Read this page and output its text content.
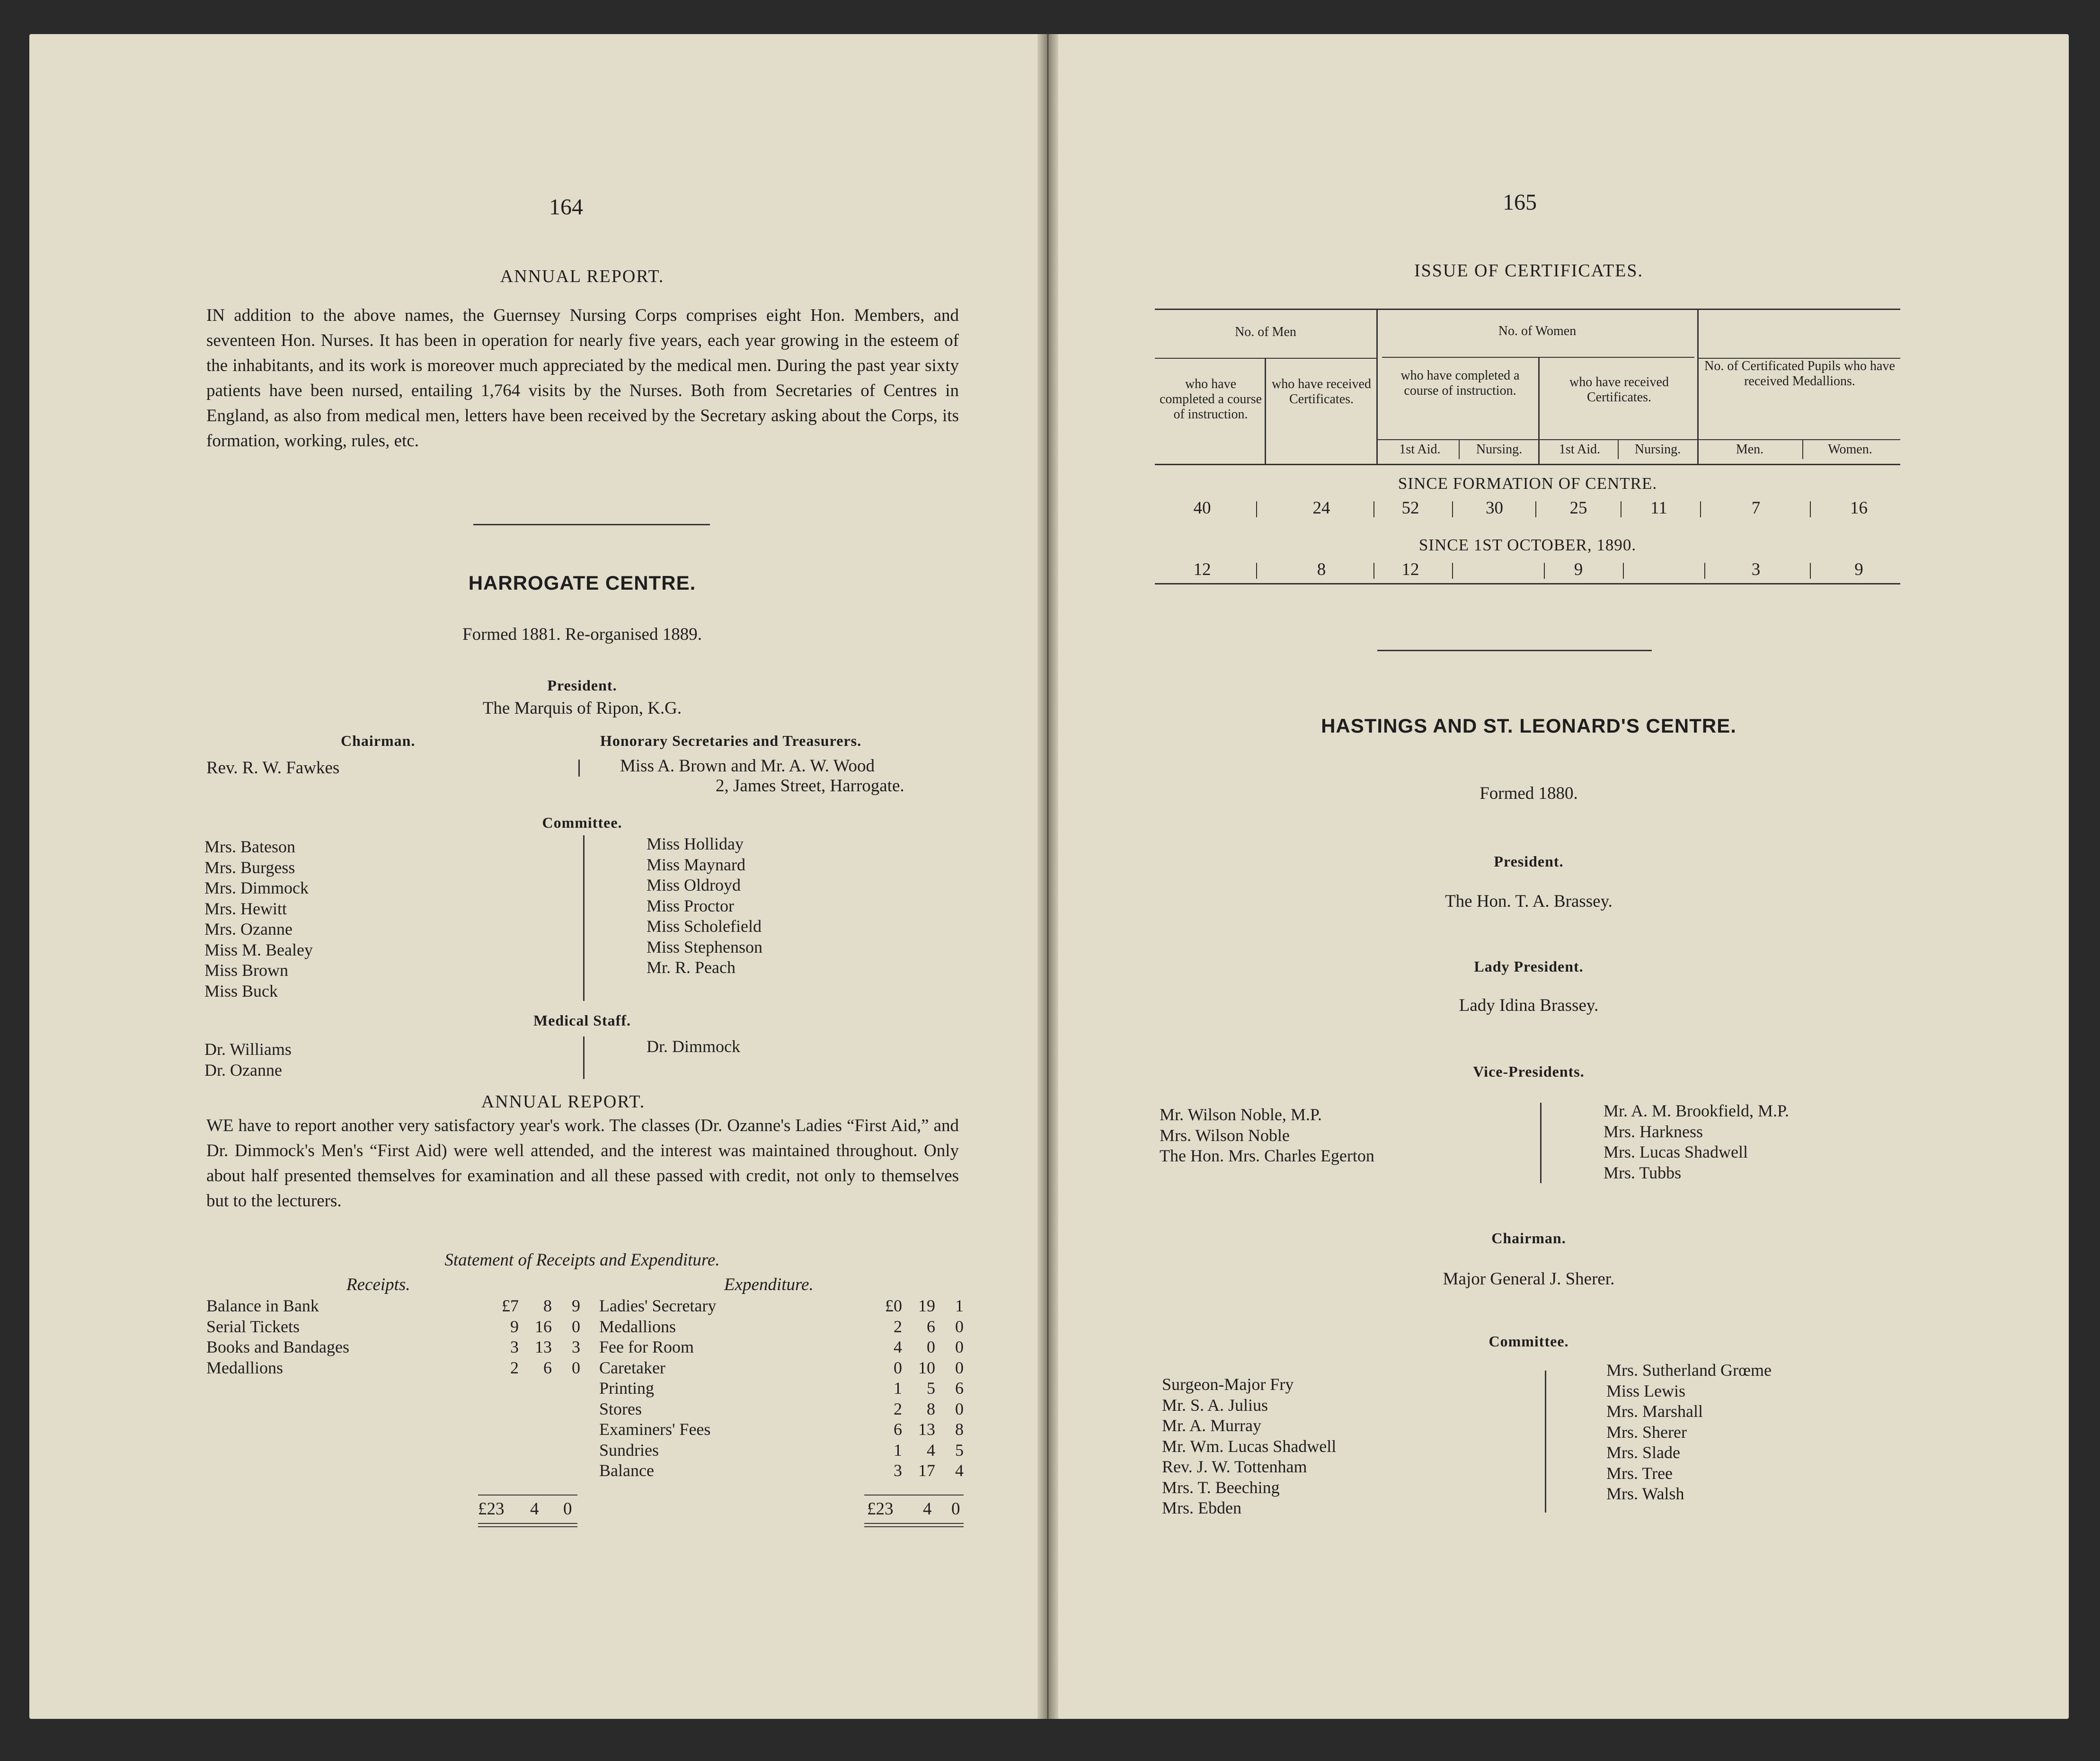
164
ANNUAL REPORT.
IN addition to the above names, the Guernsey Nursing Corps comprises eight Hon. Members, and seventeen Hon. Nurses. It has been in operation for nearly five years, each year growing in the esteem of the inhabitants, and its work is moreover much appreciated by the medical men. During the past year sixty patients have been nursed, entailing 1,764 visits by the Nurses. Both from Secretaries of Centres in England, as also from medical men, letters have been received by the Secretary asking about the Corps, its formation, working, rules, etc.
HARROGATE CENTRE.
Formed 1881. Re-organised 1889.
President.
The Marquis of Ripon, K.G.
Chairman.
Rev. R. W. Fawkes
Honorary Secretaries and Treasurers.
Miss A. Brown and Mr. A. W. Wood
2, James Street, Harrogate.
Committee.
Mrs. Bateson
Mrs. Burgess
Mrs. Dimmock
Mrs. Hewitt
Mrs. Ozanne
Miss M. Bealey
Miss Brown
Miss Buck
Miss Holliday
Miss Maynard
Miss Oldroyd
Miss Proctor
Miss Scholefield
Miss Stephenson
Mr. R. Peach
Medical Staff.
Dr. Williams
Dr. Ozanne
Dr. Dimmock
ANNUAL REPORT.
WE have to report another very satisfactory year's work. The classes (Dr. Ozanne's Ladies “First Aid,” and Dr. Dimmock's Men's “First Aid) were well attended, and the interest was maintained throughout. Only about half presented themselves for examination and all these passed with credit, not only to themselves but to the lecturers.
Statement of Receipts and Expenditure.
Receipts.	Expenditure.
Balance in Bank	£7	8	9
Serial Tickets	9	16	0
Books and Bandages	3	13	3
Medallions	2	6	0
Ladies' Secretary	£0	19	1
Medallions	2	6	0
Fee for Room	4	0	0
Caretaker	0	10	0
Printing	1	5	6
Stores	2	8	0
Examiners' Fees	6	13	8
Sundries	1	4	5
Balance	3	17	4
£23 4 0	£23 4 0
165
ISSUE OF CERTIFICATES.
No. of Men	No. of Women
who have completed a course of instruction.
who have received Certificates.
who have completed a course of instruction.
who have received Certificates.
No. of Certificated Pupils who have received Medallions.
1st Aid.	Nursing.	1st Aid.	Nursing.	Men.	Women.
SINCE FORMATION OF CENTRE.
40	|	24	|	52	|	30	|	25	|	11	|	7	|	16
SINCE 1ST OCTOBER, 1890.
12	|	8	|	12	|	|	9	|	|	3	|	9
HASTINGS AND ST. LEONARD'S CENTRE.
Formed 1880.
President.
The Hon. T. A. Brassey.
Lady President.
Lady Idina Brassey.
Vice-Presidents.
Mr. Wilson Noble, M.P.
Mrs. Wilson Noble
The Hon. Mrs. Charles Egerton
Mr. A. M. Brookfield, M.P.
Mrs. Harkness
Mrs. Lucas Shadwell
Mrs. Tubbs
Chairman.
Major General J. Sherer.
Committee.
Surgeon-Major Fry
Mr. S. A. Julius
Mr. A. Murray
Mr. Wm. Lucas Shadwell
Rev. J. W. Tottenham
Mrs. T. Beeching
Mrs. Ebden
Mrs. Sutherland Grœme
Miss Lewis
Mrs. Marshall
Mrs. Sherer
Mrs. Slade
Mrs. Tree
Mrs. Walsh
